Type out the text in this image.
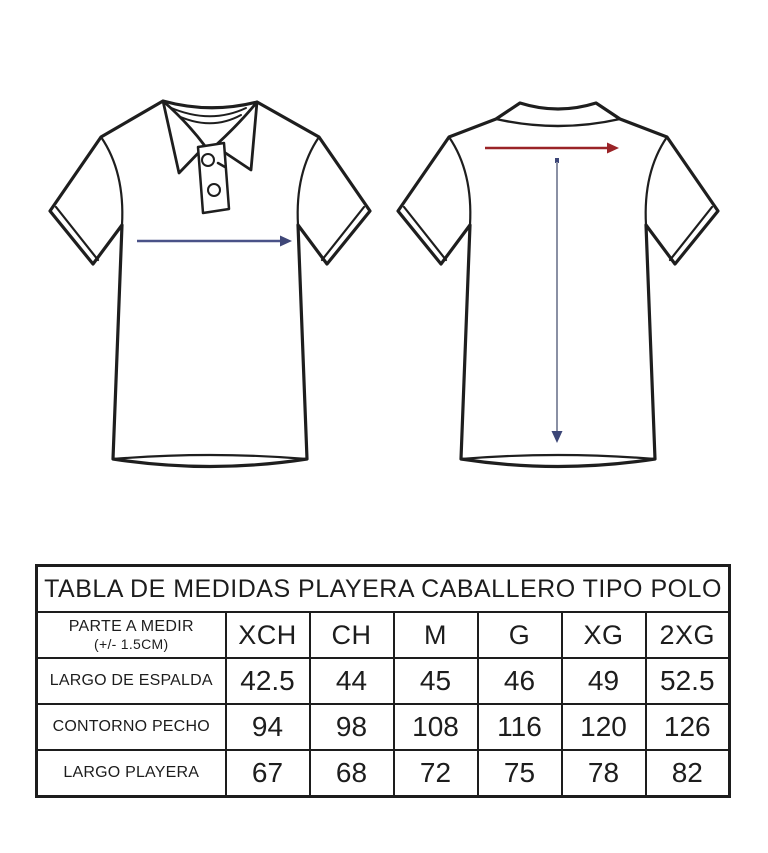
TABLA DE MEDIDAS PLAYERA CABALLERO TIPO POLO						

PARTE A MEDIR
(+/- 1.5CM)	XCH	CH	M	G	XG	2XG
LARGO DE ESPALDA	42.5	44	45	46	49	52.5
CONTORNO PECHO	94	98	108	116	120	126
LARGO PLAYERA	67	68	72	75	78	82
